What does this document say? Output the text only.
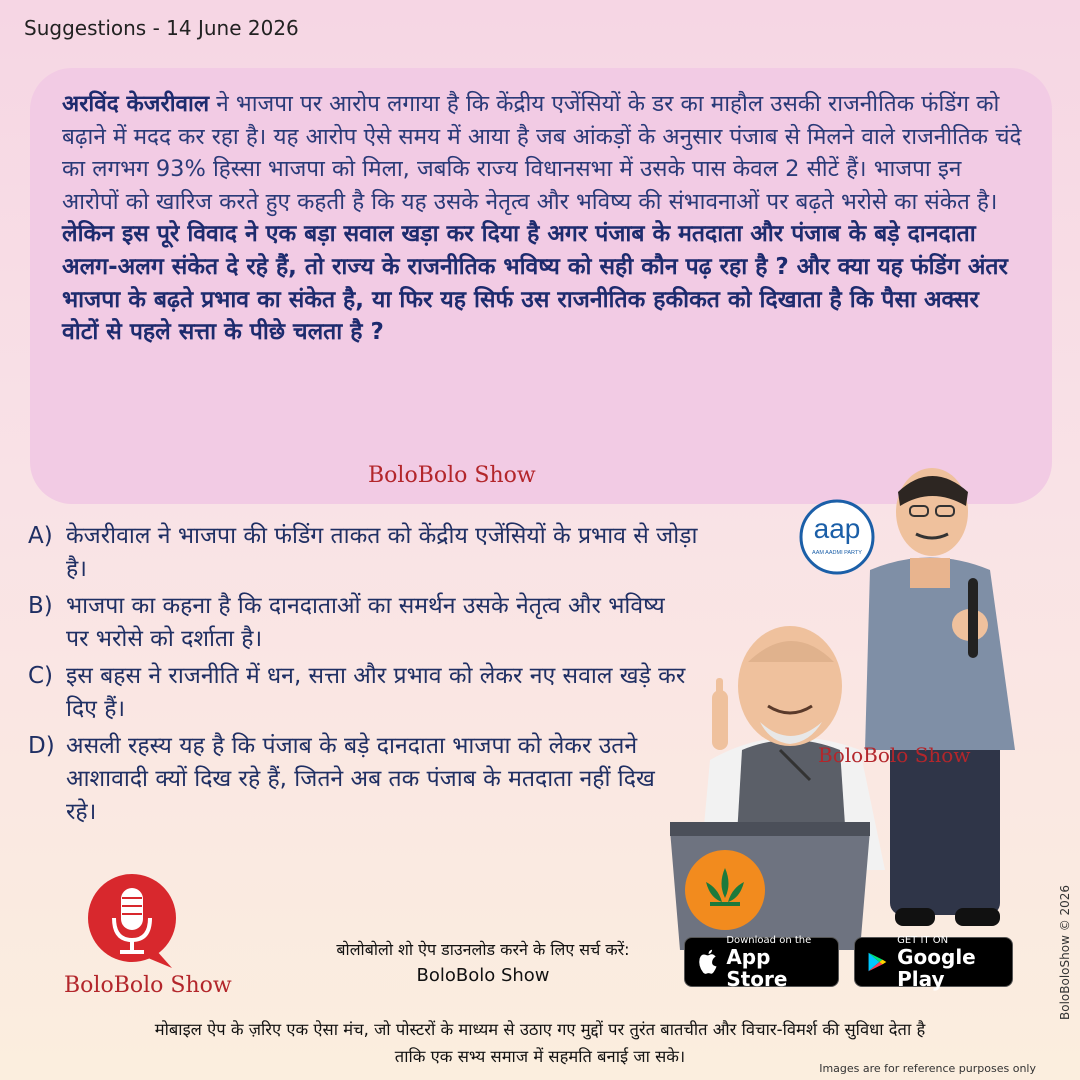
Suggestions - 14 June 2026

अरविंद केजरीवाल ने भाजपा पर आरोप लगाया है कि केंद्रीय एजेंसियों के डर का माहौल उसकी राजनीतिक फंडिंग को बढ़ाने में मदद कर रहा है। यह आरोप ऐसे समय में आया है जब आंकड़ों के अनुसार पंजाब से मिलने वाले राजनीतिक चंदे का लगभग 93% हिस्सा भाजपा को मिला, जबकि राज्य विधानसभा में उसके पास केवल 2 सीटें हैं। भाजपा इन आरोपों को खारिज करते हुए कहती है कि यह उसके नेतृत्व और भविष्य की संभावनाओं पर बढ़ते भरोसे का संकेत है।

लेकिन इस पूरे विवाद ने एक बड़ा सवाल खड़ा कर दिया है अगर पंजाब के मतदाता और पंजाब के बड़े दानदाता अलग-अलग संकेत दे रहे हैं, तो राज्य के राजनीतिक भविष्य को सही कौन पढ़ रहा है ? और क्या यह फंडिंग अंतर भाजपा के बढ़ते प्रभाव का संकेत है, या फिर यह सिर्फ उस राजनीतिक हकीकत को दिखाता है कि पैसा अक्सर वोटों से पहले सत्ता के पीछे चलता है ?

BoloBolo Show
A) केजरीवाल ने भाजपा की फंडिंग ताकत को केंद्रीय एजेंसियों के प्रभाव से जोड़ा है।
B) भाजपा का कहना है कि दानदाताओं का समर्थन उसके नेतृत्व और भविष्य पर भरोसे को दर्शाता है।
C) इस बहस ने राजनीति में धन, सत्ता और प्रभाव को लेकर नए सवाल खड़े कर दिए हैं।
D) असली रहस्य यह है कि पंजाब के बड़े दानदाता भाजपा को लेकर उतने आशावादी क्यों दिख रहे हैं, जितने अब तक पंजाब के मतदाता नहीं दिख रहे।
aap
AAM AADMI PARTY
BoloBolo Show
BoloBolo Show
बोलोबोलो शो ऐप डाउनलोड करने के लिए सर्च करें:
BoloBolo Show
Download on the
App Store
GET IT ON
Google Play
मोबाइल ऐप के ज़रिए एक ऐसा मंच, जो पोस्टरों के माध्यम से उठाए गए मुद्दों पर तुरंत बातचीत और विचार-विमर्श की सुविधा देता है
ताकि एक सभ्य समाज में सहमति बनाई जा सके।
Images are for reference purposes only
BoloBoloShow © 2026
